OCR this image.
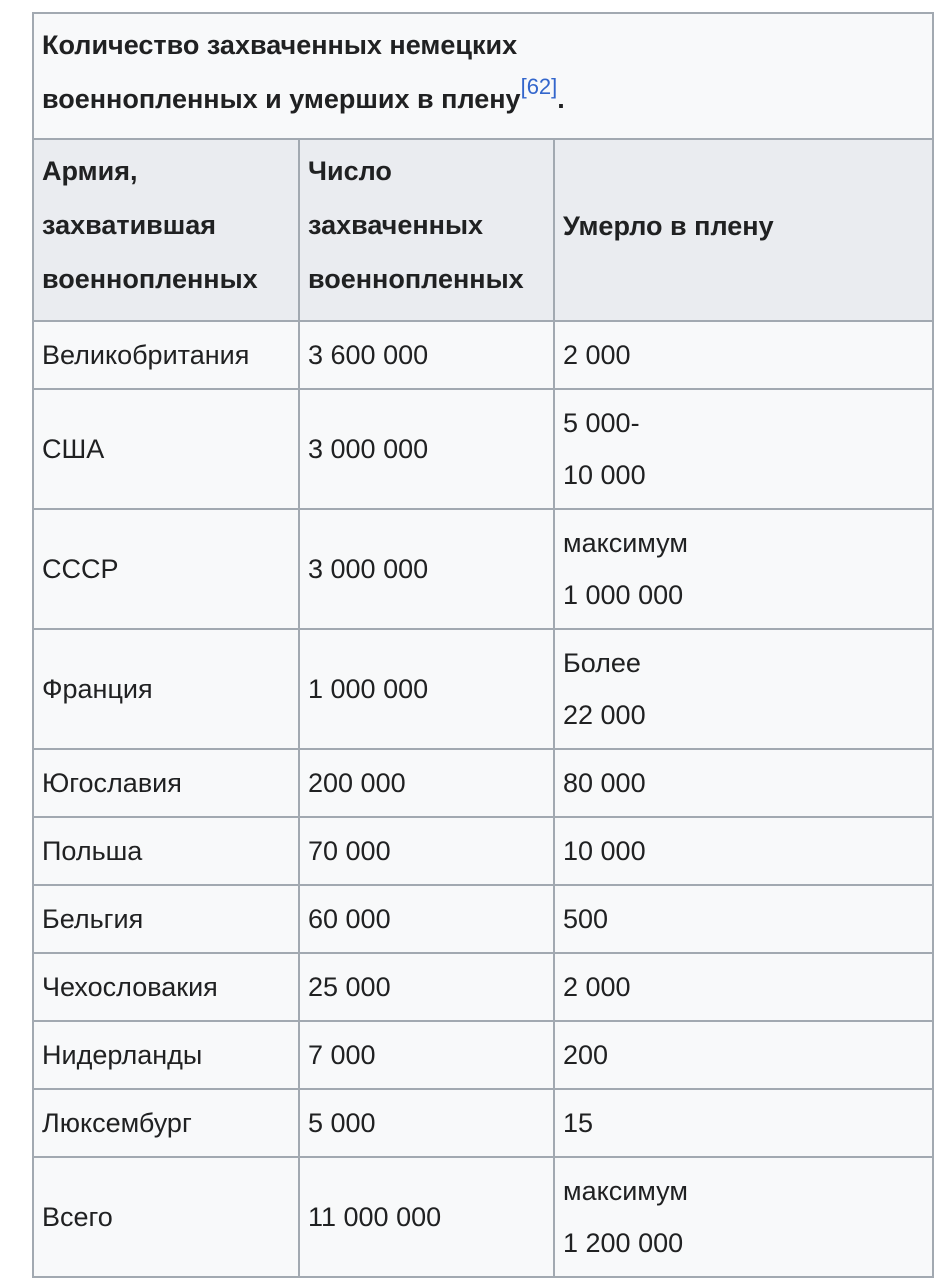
Количество захваченных немецких
военнопленных и умерших в плену[62].		
Армия, захватившая военнопленных	Число захваченных военнопленных	Умерло в плену
Великобритания	3 600 000	2 000

США	3 000 000	5 000-
10 000

СССР	3 000 000	максимум
1 000 000

Франция	1 000 000	Более
22 000

Югославия	200 000	80 000

Польша	70 000	10 000

Бельгия	60 000	500

Чехословакия	25 000	2 000

Нидерланды	7 000	200

Люксембург	5 000	15

Всего	11 000 000	максимум
1 200 000
